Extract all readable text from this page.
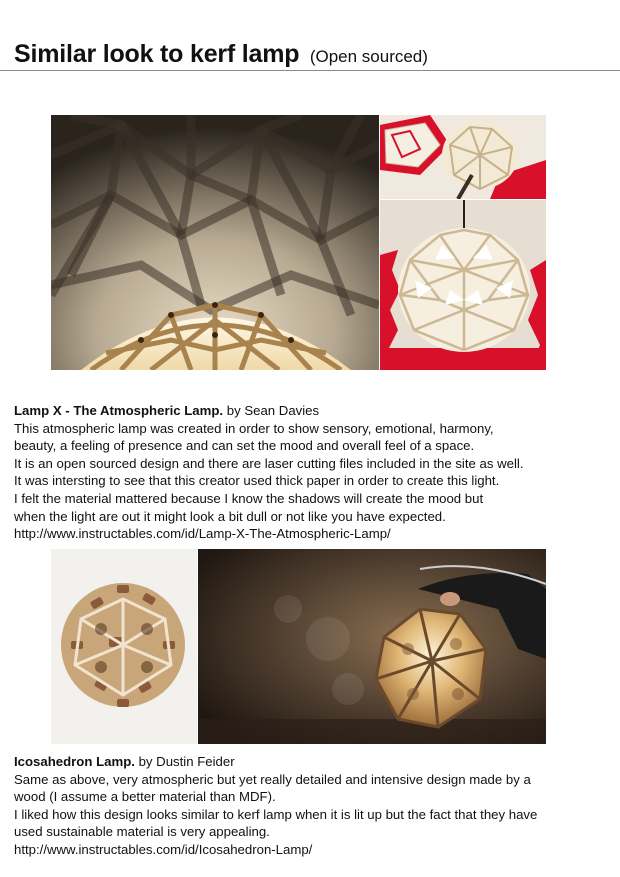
Similar look to kerf lamp (Open sourced)

Lamp X - The Atmospheric Lamp. by Sean Davies

This atmospheric lamp was created in order to show sensory, emotional, harmony,

beauty, a feeling of presence and can set the mood and overall feel of a space.

It is an open sourced design and there are laser cutting files included in the site as well.

It was intersting to see that this creator used thick paper in order to create this light.

I felt the material mattered because I know the shadows will create the mood but

when the light are out it might look a bit dull or not like you have expected.

http://www.instructables.com/id/Lamp-X-The-Atmospheric-Lamp/

Icosahedron Lamp. by Dustin Feider

Same as above, very atmospheric but yet really detailed and intensive design made by a

wood (I assume a better material than MDF).

I liked how this design looks similar to kerf lamp when it is lit up but the fact that they have

used sustainable material is very appealing.

http://www.instructables.com/id/Icosahedron-Lamp/
